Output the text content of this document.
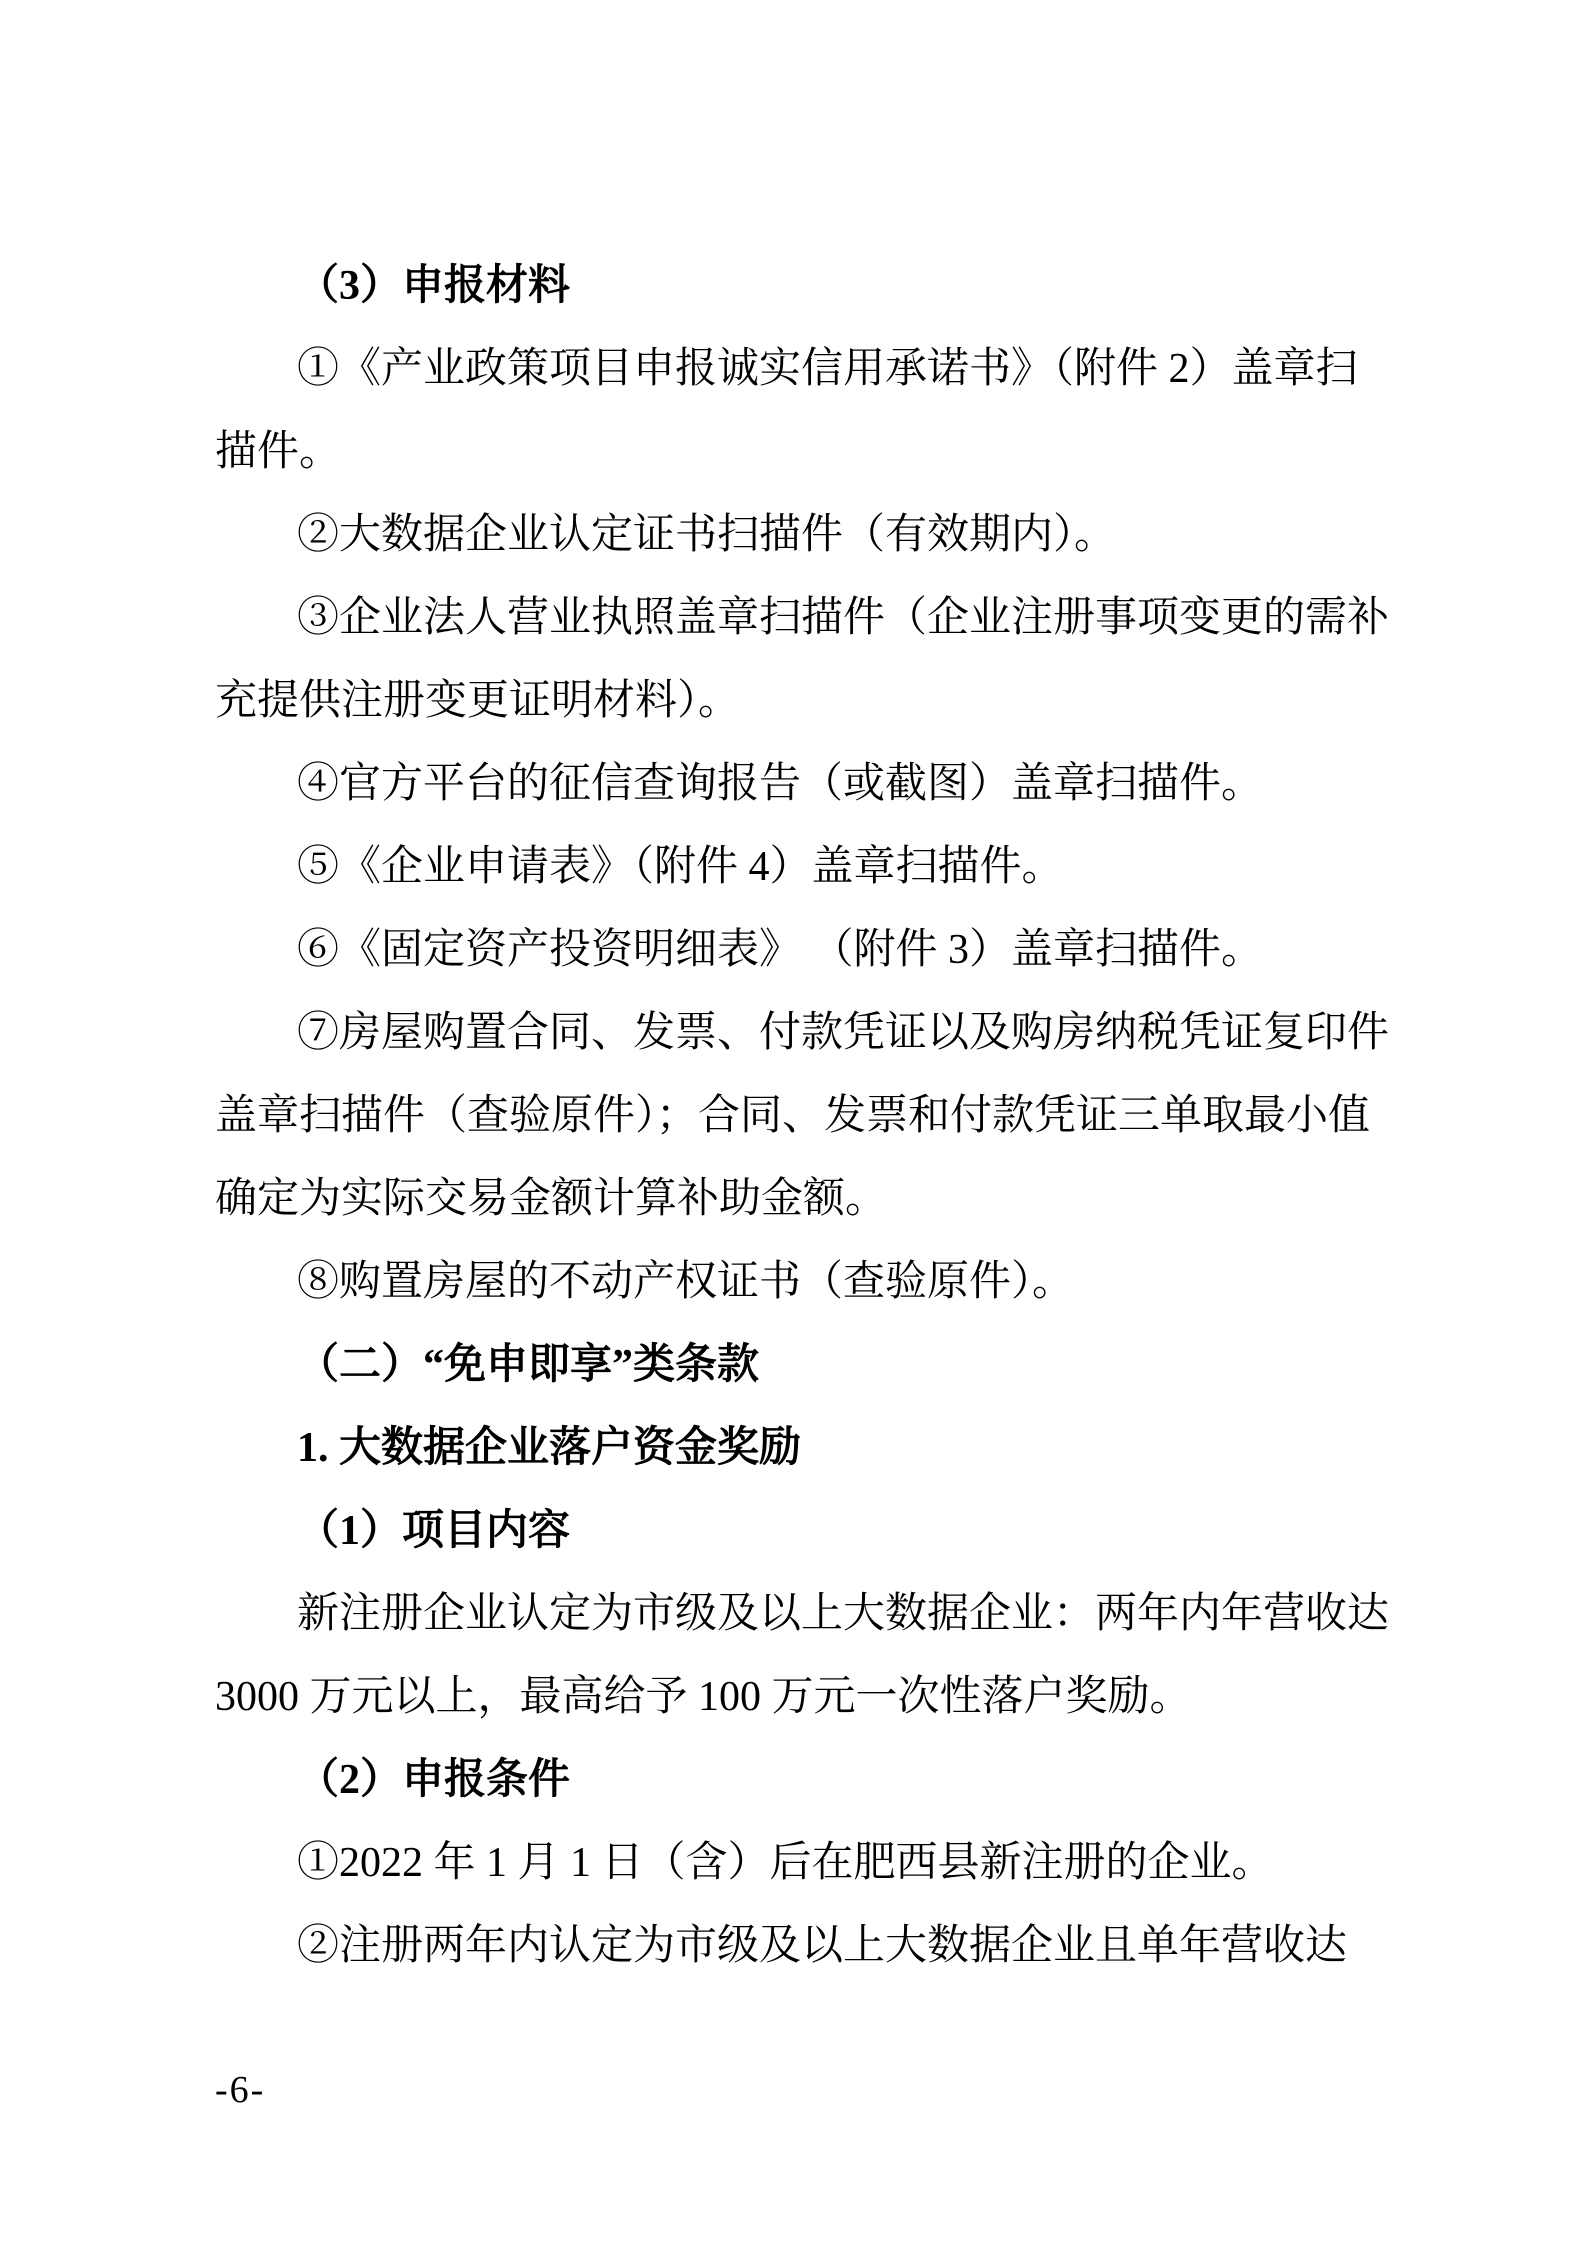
（3）申报材料
①《产业政策项目申报诚实信用承诺书》（附件 2）盖章扫
描件。
②大数据企业认定证书扫描件（有效期内）。
③企业法人营业执照盖章扫描件（企业注册事项变更的需补
充提供注册变更证明材料）。
④官方平台的征信查询报告（或截图）盖章扫描件。
⑤《企业申请表》（附件 4）盖章扫描件。
⑥《固定资产投资明细表》 （附件 3）盖章扫描件。
⑦房屋购置合同、发票、付款凭证以及购房纳税凭证复印件
盖章扫描件（查验原件）；合同、发票和付款凭证三单取最小值
确定为实际交易金额计算补助金额。
⑧购置房屋的不动产权证书（查验原件）。
（二）“免申即享”类条款
1. 大数据企业落户资金奖励
（1）项目内容
新注册企业认定为市级及以上大数据企业：两年内年营收达
3000 万元以上，最高给予 100 万元一次性落户奖励。
（2）申报条件
①2022 年 1 月 1 日（含）后在肥西县新注册的企业。
②注册两年内认定为市级及以上大数据企业且单年营收达
-6-
